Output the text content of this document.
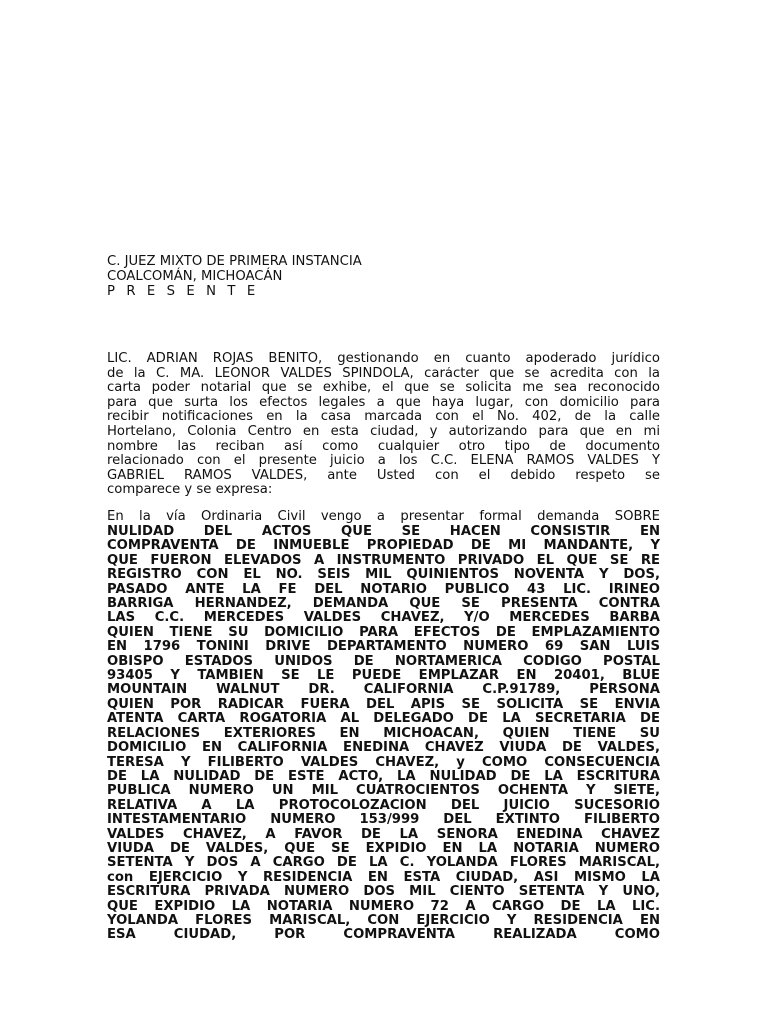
C. JUEZ MIXTO DE PRIMERA INSTANCIA
COALCOMÁN, MICHOACÁN
P R E S E N T E
LIC. ADRIAN ROJAS BENITO, gestionando en cuanto apoderado jurídico
de la C. MA. LEONOR VALDES SPINDOLA, carácter que se acredita con la
carta poder notarial que se exhibe, el que se solicita me sea reconocido
para que surta los efectos legales a que haya lugar, con domicilio para
recibir notificaciones en la casa marcada con el No. 402, de la calle
Hortelano, Colonia Centro en esta ciudad, y autorizando para que en mi
nombre las reciban así como cualquier otro tipo de documento
relacionado con el presente juicio a los C.C. ELENA RAMOS VALDES Y
GABRIEL RAMOS VALDES, ante Usted con el debido respeto se
comparece y se expresa:
En la vía Ordinaria Civil vengo a presentar formal demanda SOBRE
NULIDAD DEL ACTOS QUE SE HACEN CONSISTIR EN
COMPRAVENTA DE INMUEBLE PROPIEDAD DE MI MANDANTE, Y
QUE FUERON ELEVADOS A INSTRUMENTO PRIVADO EL QUE SE RE
REGISTRÓ CON EL NO. SEIS MIL QUINIENTOS NOVENTA Y DOS,
PASADO ANTE LA FE DEL NOTARIO PÚBLICO 43 LIC. IRINEO
BARRIGA HERNÁNDEZ, DEMANDA QUE SE PRESENTA CONTRA
LAS C.C. MERCEDES VALDES CHAVEZ, Y/O MERCEDES BARBA
QUIEN TIENE SU DOMICILIO PARA EFECTOS DE EMPLAZAMIENTO
EN 1796 TONINI DRIVE DEPARTAMENTO NÚMERO 69 SAN LUIS
OBISPO ESTADOS UNIDOS DE NORTAMÉRICA CODIGO POSTAL
93405 Y TAMBIEN SE LE PUEDE EMPLAZAR EN 20401, BLUE
MOUNTAIN WALNUT DR. CALIFORNIA C.P.91789, PERSONA
QUIEN POR RADICAR FUERA DEL APIS SE SOLICITA SE ENVÍA
ATENTA CARTA ROGATORIA AL DELEGADO DE LA SECRETARÍA DE
RELACIONES EXTERIORES EN MICHOACAN, QUIEN TIENE SU
DOMICILIO EN CALIFORNIA ENEDINA CHAVEZ VIUDA DE VALDES,
TERESA Y FILIBERTO VALDES CHAVEZ, y COMO CONSECUENCIA
DE LA NULIDAD DE ESTE ACTO, LA NULIDAD DE LA ESCRITURA
PÚBLICA NÚMERO UN MIL CUATROCIENTOS OCHENTA Y SIETE,
RELATIVA A LA PROTOCOLOZACIÓN DEL JUICIO SUCESORIO
INTESTAMENTARIO NÚMERO 153/999 DEL EXTINTO FILIBERTO
VALDES CHAVEZ, A FAVOR DE LA SEÑORA ENEDINA CHAVEZ
VIUDA DE VALDES, QUE SE EXPIDIÓ EN LA NOTARÍA NÚMERO
SETENTA Y DOS A CARGO DE LA C. YOLANDA FLORES MARISCAL,
con EJERCICIO Y RESIDENCIA EN ESTA CIUDAD, ASÍ MISMO LA
ESCRITURA PRIVADA NÚMERO DOS MIL CIENTO SETENTA Y UNO,
QUE EXPIDIÓ LA NOTARIA NUMERO 72 A CARGO DE LA LIC.
YOLANDA FLORES MARISCAL, CON EJERCICIO Y RESIDENCIA EN
ESA CIUDAD, POR COMPRAVENTA REALIZADA COMO
